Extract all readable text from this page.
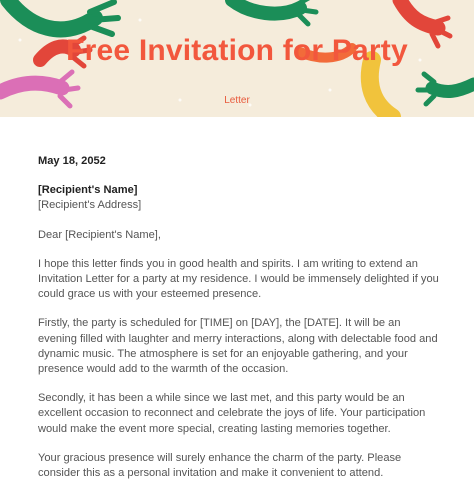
Free Invitation for Party
Letter
May 18, 2052
[Recipient's Name]
[Recipient's Address]

Dear [Recipient's Name],

I hope this letter finds you in good health and spirits. I am writing to extend an Invitation Letter for a party at my residence. I would be immensely delighted if you could grace us with your esteemed presence.

Firstly, the party is scheduled for [TIME] on [DAY], the [DATE]. It will be an evening filled with laughter and merry interactions, along with delectable food and dynamic music. The atmosphere is set for an enjoyable gathering, and your presence would add to the warmth of the occasion.

Secondly, it has been a while since we last met, and this party would be an excellent occasion to reconnect and celebrate the joys of life. Your participation would make the event more special, creating lasting memories together.

Your gracious presence will surely enhance the charm of the party. Please consider this as a personal invitation and make it convenient to attend.
